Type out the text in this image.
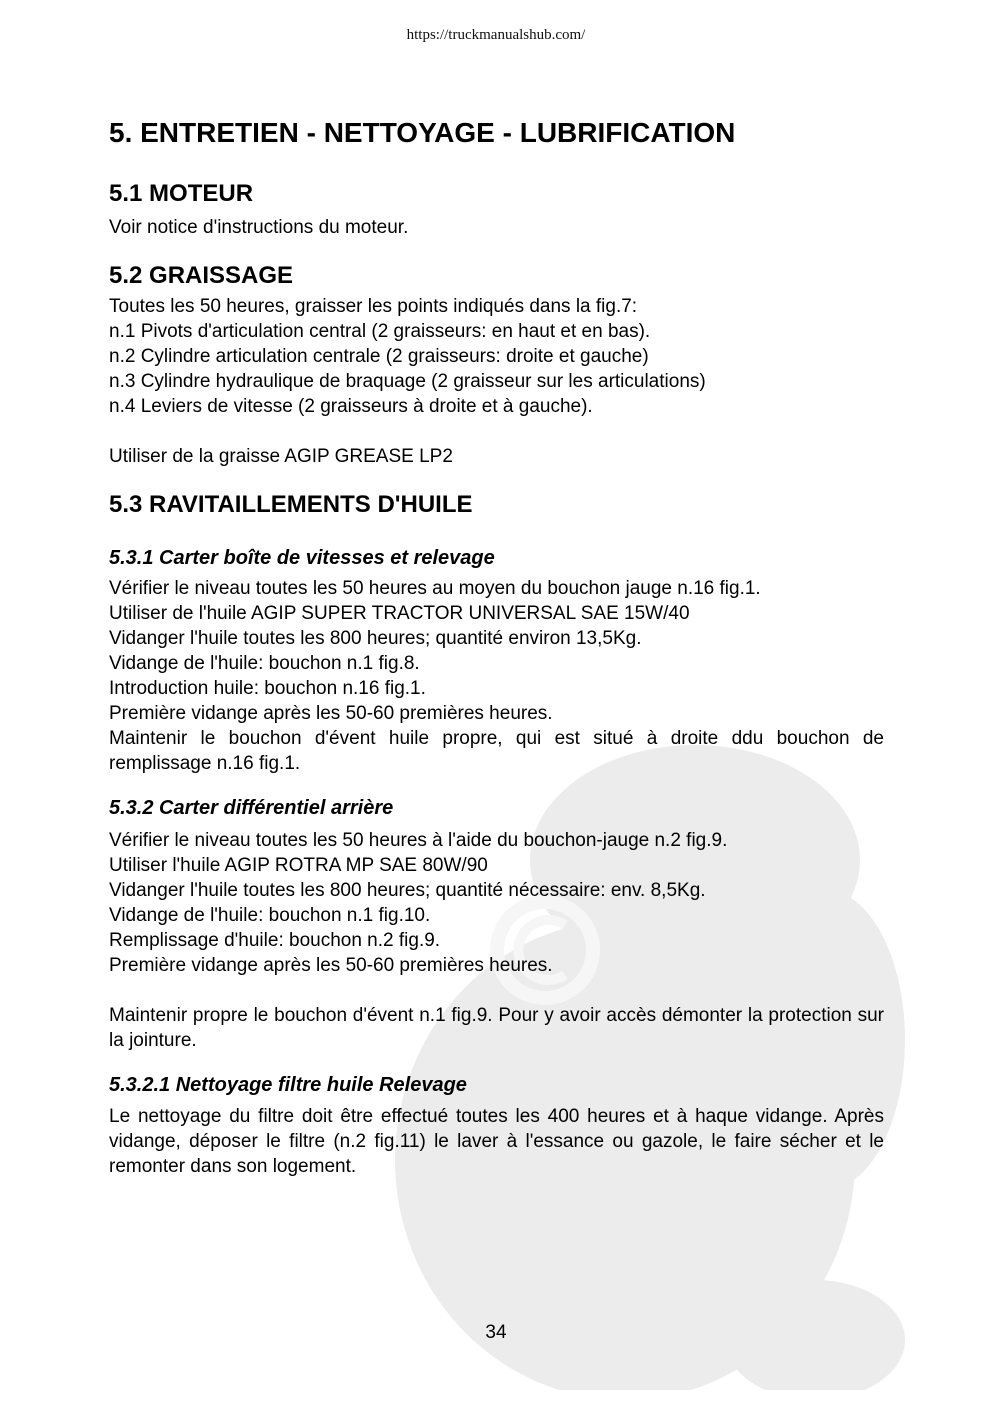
https://truckmanualshub.com/
5. ENTRETIEN - NETTOYAGE - LUBRIFICATION
5.1 MOTEUR
Voir notice d'instructions du moteur.
5.2 GRAISSAGE
Toutes les 50 heures, graisser les points indiqués dans la fig.7:
n.1 Pivots d'articulation central (2 graisseurs: en haut et en bas).
n.2 Cylindre articulation centrale (2 graisseurs: droite et gauche)
n.3 Cylindre hydraulique de braquage (2 graisseur sur les articulations)
n.4 Leviers de vitesse (2 graisseurs à droite et à gauche).
Utiliser de la graisse AGIP GREASE LP2
5.3 RAVITAILLEMENTS D'HUILE
5.3.1 Carter boîte de vitesses et relevage
Vérifier le niveau toutes les 50 heures au moyen du bouchon jauge n.16 fig.1.
Utiliser de l'huile AGIP SUPER TRACTOR UNIVERSAL SAE 15W/40
Vidanger l'huile toutes les 800 heures; quantité environ 13,5Kg.
Vidange de l'huile: bouchon n.1 fig.8.
Introduction huile: bouchon n.16 fig.1.
Première vidange après les 50-60 premières heures.

Maintenir le bouchon d'évent huile propre, qui est situé à droite ddu bouchon de remplissage n.16 fig.1.

5.3.2 Carter différentiel arrière
Vérifier le niveau toutes les 50 heures à l'aide du bouchon-jauge n.2 fig.9.
Utiliser l'huile AGIP ROTRA MP SAE 80W/90
Vidanger l'huile toutes les 800 heures; quantité nécessaire: env. 8,5Kg.
Vidange de l'huile: bouchon n.1 fig.10.
Remplissage d'huile: bouchon n.2 fig.9.
Première vidange après les 50-60 premières heures.

Maintenir propre le bouchon d'évent n.1 fig.9. Pour y avoir accès démonter la protection sur la jointure.

5.3.2.1 Nettoyage filtre huile Relevage

Le nettoyage du filtre doit être effectué toutes les 400 heures et à haque vidange. Après vidange, déposer le filtre (n.2 fig.11) le laver à l'essance ou gazole, le faire sécher et le remonter dans son logement.

34
